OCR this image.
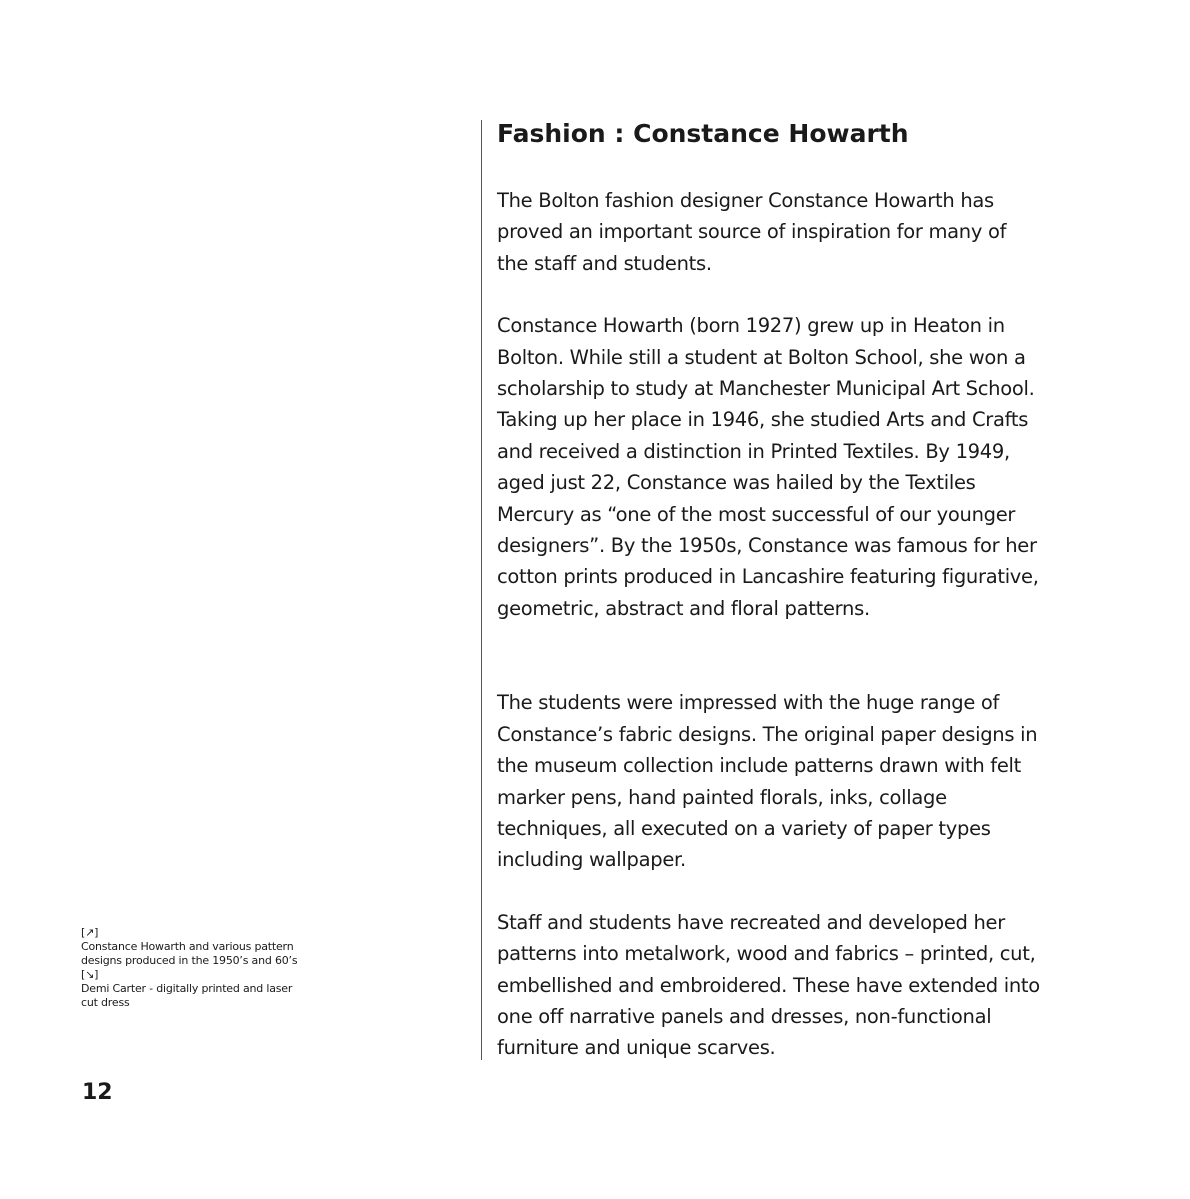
Fashion : Constance Howarth

The Bolton fashion designer Constance Howarth has proved an important source of inspiration for many of the staff and students.

Constance Howarth (born 1927) grew up in Heaton in Bolton. While still a student at Bolton School, she won a scholarship to study at Manchester Municipal Art School. Taking up her place in 1946, she studied Arts and Crafts and received a distinction in Printed Textiles. By 1949, aged just 22, Constance was hailed by the Textiles Mercury as “one of the most successful of our younger designers”. By the 1950s, Constance was famous for her cotton prints produced in Lancashire featuring figurative, geometric, abstract and floral patterns.

The students were impressed with the huge range of Constance’s fabric designs. The original paper designs in the museum collection include patterns drawn with felt marker pens, hand painted florals, inks, collage techniques, all executed on a variety of paper types including wallpaper.

Staff and students have recreated and developed her patterns into metalwork, wood and fabrics – printed, cut, embellished and embroidered. These have extended into one off narrative panels and dresses, non-functional furniture and unique scarves.

[↗]
Constance Howarth and various pattern designs produced in the 1950’s and 60’s
[↘]
Demi Carter - digitally printed and laser cut dress
12
